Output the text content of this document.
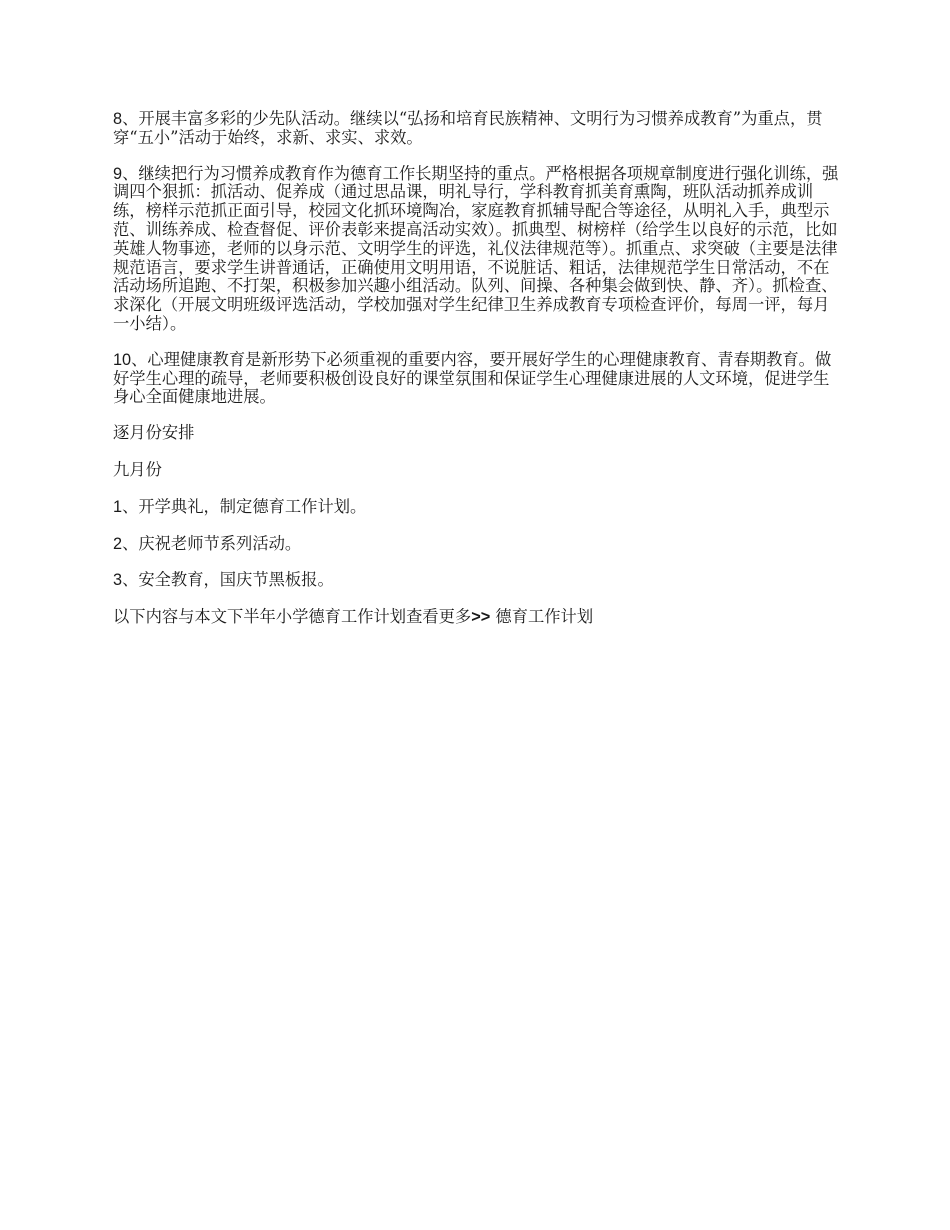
8、开展丰富多彩的少先队活动。继续以“弘扬和培育民族精神、文明行为习惯养成教育”为重点，贯穿“五小”活动于始终，求新、求实、求效。

9、继续把行为习惯养成教育作为德育工作长期坚持的重点。严格根据各项规章制度进行强化训练，强调四个狠抓：抓活动、促养成（通过思品课，明礼导行，学科教育抓美育熏陶，班队活动抓养成训练，榜样示范抓正面引导，校园文化抓环境陶冶，家庭教育抓辅导配合等途径，从明礼入手，典型示范、训练养成、检查督促、评价表彰来提高活动实效）。抓典型、树榜样（给学生以良好的示范，比如英雄人物事迹，老师的以身示范、文明学生的评选，礼仪法律规范等）。抓重点、求突破（主要是法律规范语言，要求学生讲普通话，正确使用文明用语，不说脏话、粗话，法律规范学生日常活动，不在活动场所追跑、不打架，积极参加兴趣小组活动。队列、间操、各种集会做到快、静、齐）。抓检查、求深化（开展文明班级评选活动，学校加强对学生纪律卫生养成教育专项检查评价，每周一评，每月一小结）。

10、心理健康教育是新形势下必须重视的重要内容，要开展好学生的心理健康教育、青春期教育。做好学生心理的疏导，老师要积极创设良好的课堂氛围和保证学生心理健康进展的人文环境，促进学生身心全面健康地进展。

逐月份安排

九月份

1、开学典礼，制定德育工作计划。

2、庆祝老师节系列活动。

3、安全教育，国庆节黑板报。

以下内容与本文下半年小学德育工作计划查看更多>> 德育工作计划
